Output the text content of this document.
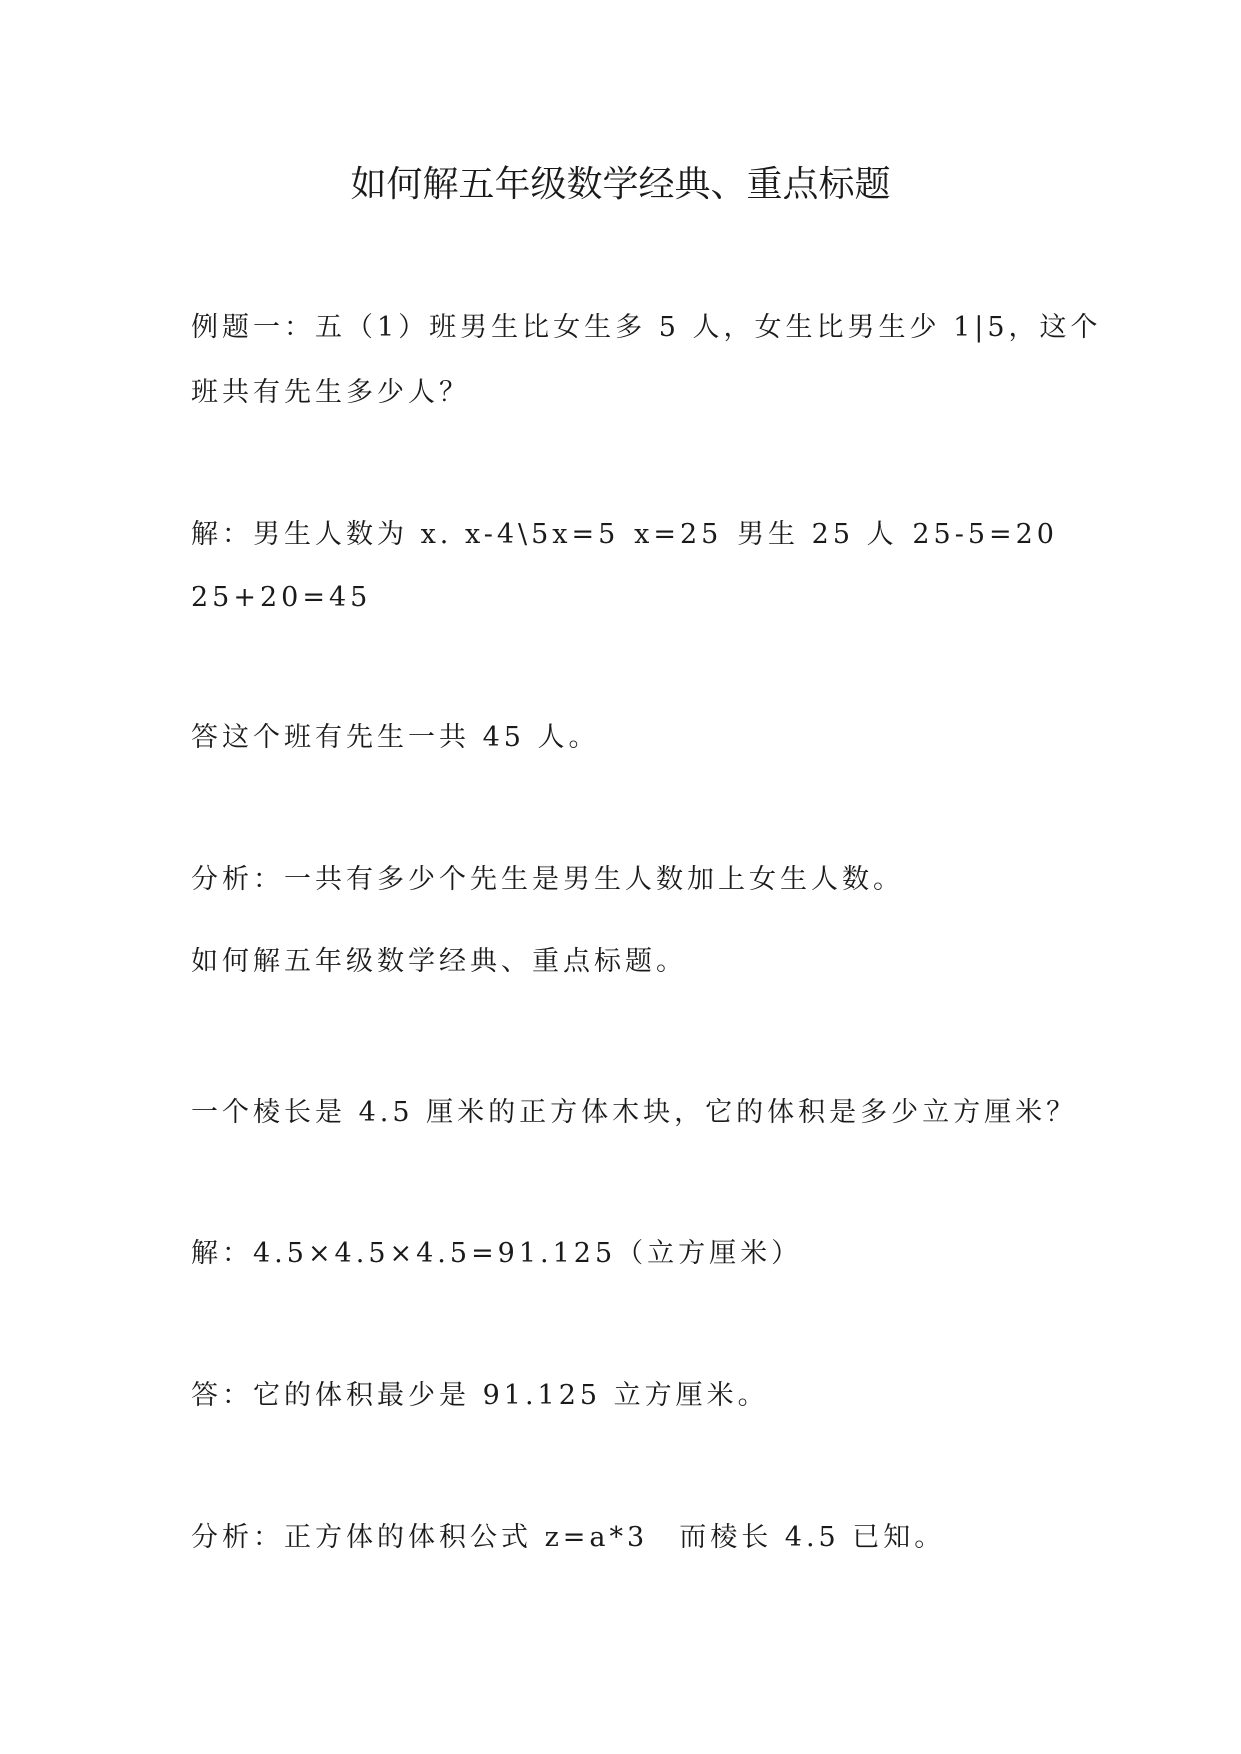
如何解五年级数学经典、重点标题
例题一：五（1）班男生比女生多 5 人，女生比男生少 1|5，这个
班共有先生多少人？
解：男生人数为 x. x-4\5x=5 x=25 男生 25 人 25-5=20
25+20=45
答这个班有先生一共 45 人。
分析：一共有多少个先生是男生人数加上女生人数。
如何解五年级数学经典、重点标题。
一个棱长是 4.5 厘米的正方体木块，它的体积是多少立方厘米？
解：4.5×4.5×4.5=91.125（立方厘米）
答：它的体积最少是 91.125 立方厘米。
分析：正方体的体积公式 z=a*3　而棱长 4.5 已知。
